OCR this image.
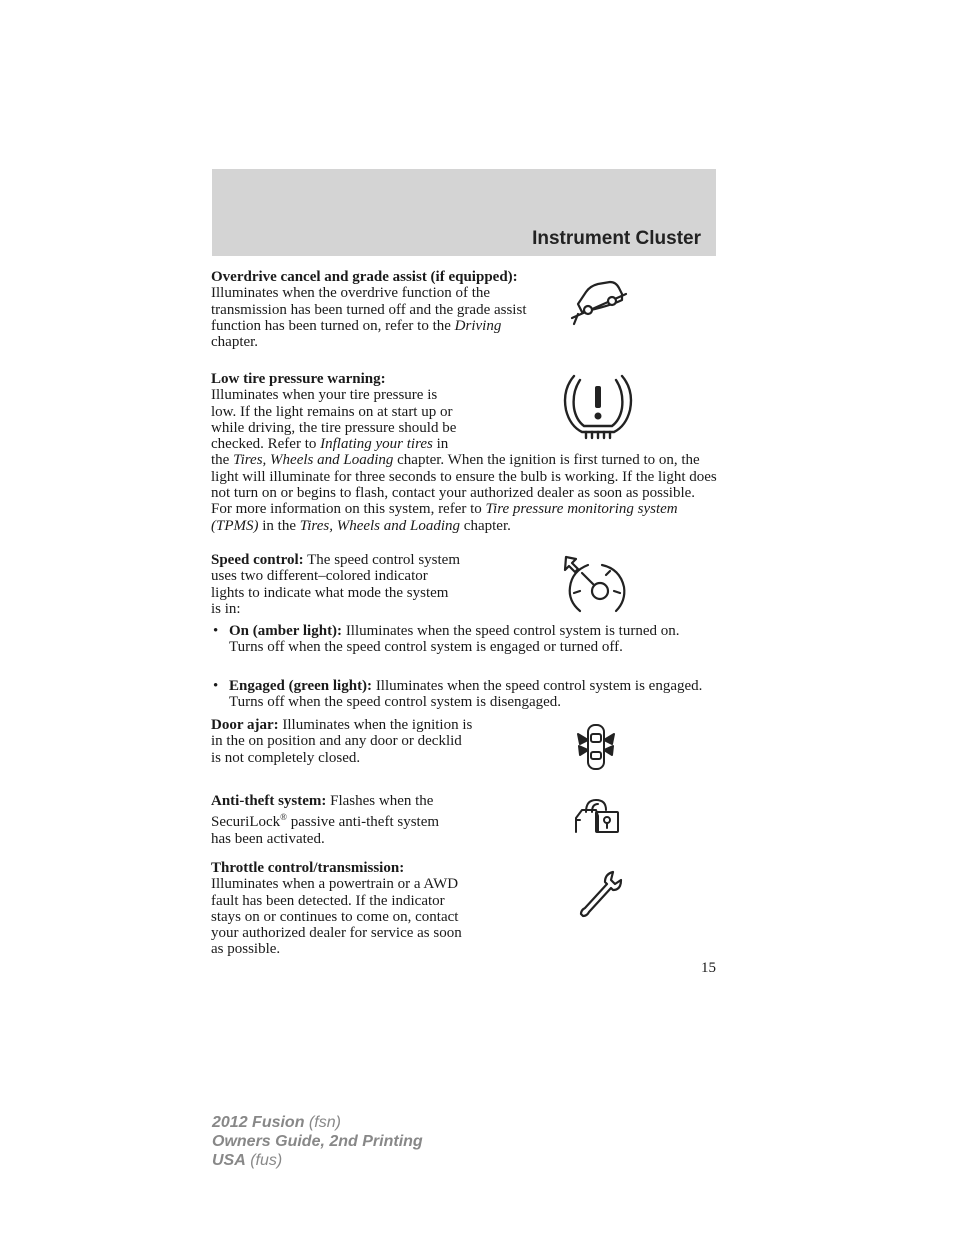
Instrument Cluster
Overdrive cancel and grade assist (if equipped): Illuminates when the overdrive function of the transmission has been turned off and the grade assist function has been turned on, refer to the Driving chapter.
Low tire pressure warning:
Illuminates when your tire pressure is low. If the light remains on at start up or while driving, the tire pressure should be checked. Refer to Inflating your tires in the Tires, Wheels and Loading chapter. When the ignition is first turned to on, the light will illuminate for three seconds to ensure the bulb is working. If the light does not turn on or begins to flash, contact your authorized dealer as soon as possible. For more information on this system, refer to Tire pressure monitoring system (TPMS) in the Tires, Wheels and Loading chapter.
Speed control: The speed control system uses two different–colored indicator lights to indicate what mode the system is in:
• On (amber light): Illuminates when the speed control system is turned on. Turns off when the speed control system is engaged or turned off.
• Engaged (green light): Illuminates when the speed control system is engaged. Turns off when the speed control system is disengaged.
Door ajar: Illuminates when the ignition is in the on position and any door or decklid is not completely closed.
Anti-theft system: Flashes when the SecuriLock® passive anti-theft system has been activated.
Throttle control/transmission:
Illuminates when a powertrain or a AWD fault has been detected. If the indicator stays on or continues to come on, contact your authorized dealer for service as soon as possible.
15
2012 Fusion (fsn)
Owners Guide, 2nd Printing
USA (fus)
